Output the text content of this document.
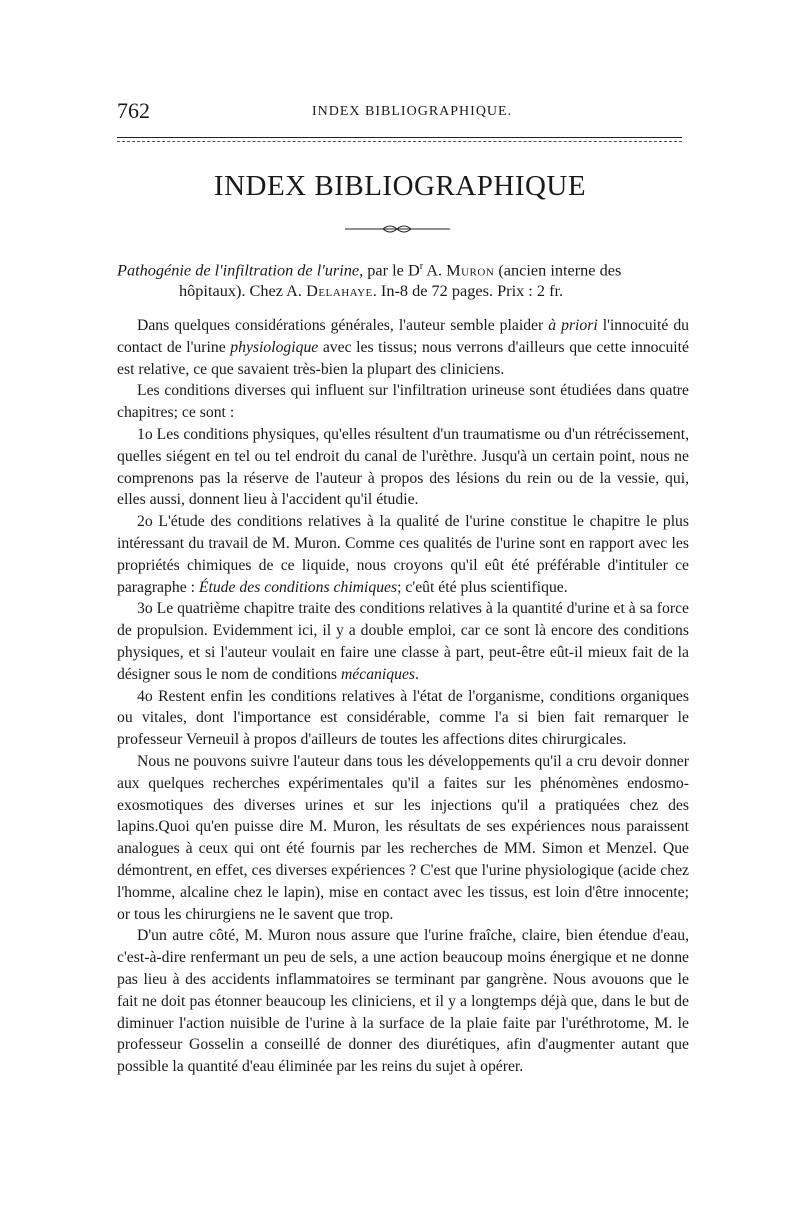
762	INDEX BIBLIOGRAPHIQUE.
INDEX BIBLIOGRAPHIQUE
Pathogénie de l'infiltration de l'urine, par le $D^r$ A. Muron (ancien interne des
hôpitaux). Chez A. Delahaye. In-8 de 72 pages. Prix : 2 fr.

Dans quelques considérations générales, l'auteur semble plaider à priori l'innocuité du contact de l'urine physiologique avec les tissus; nous verrons d'ailleurs que cette innocuité est relative, ce que savaient très-bien la plupart des cliniciens.

Les conditions diverses qui influent sur l'infiltration urineuse sont étudiées dans quatre chapitres; ce sont :

1o Les conditions physiques, qu'elles résultent d'un traumatisme ou d'un rétrécissement, quelles siégent en tel ou tel endroit du canal de l'urèthre. Jusqu'à un certain point, nous ne comprenons pas la réserve de l'auteur à propos des lésions du rein ou de la vessie, qui, elles aussi, donnent lieu à l'accident qu'il étudie.

2o L'étude des conditions relatives à la qualité de l'urine constitue le chapitre le plus intéressant du travail de M. Muron. Comme ces qualités de l'urine sont en rapport avec les propriétés chimiques de ce liquide, nous croyons qu'il eût été préférable d'intituler ce paragraphe : Étude des conditions chimiques; c'eût été plus scientifique.

3o Le quatrième chapitre traite des conditions relatives à la quantité d'urine et à sa force de propulsion. Evidemment ici, il y a double emploi, car ce sont là encore des conditions physiques, et si l'auteur voulait en faire une classe à part, peut-être eût-il mieux fait de la désigner sous le nom de conditions mécaniques.

4o Restent enfin les conditions relatives à l'état de l'organisme, conditions organiques ou vitales, dont l'importance est considérable, comme l'a si bien fait remarquer le professeur Verneuil à propos d'ailleurs de toutes les affections dites chirurgicales.

Nous ne pouvons suivre l'auteur dans tous les développements qu'il a cru devoir donner aux quelques recherches expérimentales qu'il a faites sur les phénomènes endosmo-exosmotiques des diverses urines et sur les injections qu'il a pratiquées chez des lapins.Quoi qu'en puisse dire M. Muron, les résultats de ses expériences nous paraissent analogues à ceux qui ont été fournis par les recherches de MM. Simon et Menzel. Que démontrent, en effet, ces diverses expériences ? C'est que l'urine physiologique (acide chez l'homme, alcaline chez le lapin), mise en contact avec les tissus, est loin d'être innocente; or tous les chirurgiens ne le savent que trop.

D'un autre côté, M. Muron nous assure que l'urine fraîche, claire, bien étendue d'eau, c'est-à-dire renfermant un peu de sels, a une action beaucoup moins énergique et ne donne pas lieu à des accidents inflammatoires se terminant par gangrène. Nous avouons que le fait ne doit pas étonner beaucoup les cliniciens, et il y a longtemps déjà que, dans le but de diminuer l'action nuisible de l'urine à la surface de la plaie faite par l'uréthrotome, M. le professeur Gosselin a conseillé de donner des diurétiques, afin d'augmenter autant que possible la quantité d'eau éliminée par les reins du sujet à opérer.
